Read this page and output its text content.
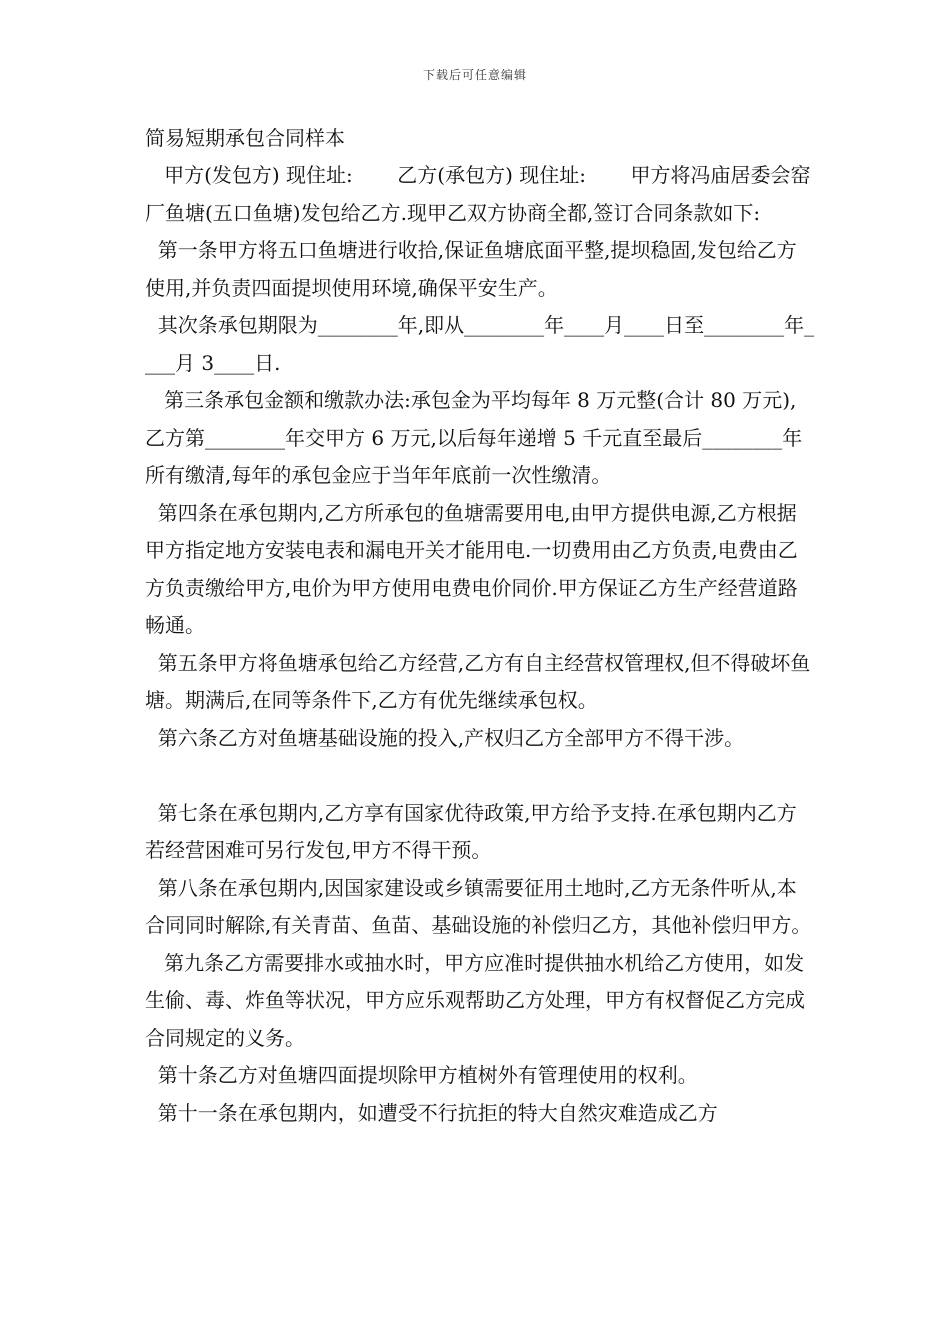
下载后可任意编辑
简易短期承包合同样本

甲方(发包方) 现住址:       乙方(承包方) 现住址:       甲方将冯庙居委会窑厂鱼塘(五口鱼塘)发包给乙方.现甲乙双方协商全都,签订合同条款如下:

第一条甲方将五口鱼塘进行收拾,保证鱼塘底面平整,提坝稳固,发包给乙方使用,并负责四面提坝使用环境,确保平安生产。

其次条承包期限为________年,即从________年____月____日至________年____月 3____日.

第三条承包金额和缴款办法:承包金为平均每年 8 万元整(合计 80 万元),乙方第________年交甲方 6 万元,以后每年递增 5 千元直至最后________年所有缴清,每年的承包金应于当年年底前一次性缴清。

第四条在承包期内,乙方所承包的鱼塘需要用电,由甲方提供电源,乙方根据甲方指定地方安装电表和漏电开关才能用电.一切费用由乙方负责,电费由乙方负责缴给甲方,电价为甲方使用电费电价同价.甲方保证乙方生产经营道路畅通。

第五条甲方将鱼塘承包给乙方经营,乙方有自主经营权管理权,但不得破坏鱼塘。期满后,在同等条件下,乙方有优先继续承包权。

第六条乙方对鱼塘基础设施的投入,产权归乙方全部甲方不得干涉。

第七条在承包期内,乙方享有国家优待政策,甲方给予支持.在承包期内乙方若经营困难可另行发包,甲方不得干预。

第八条在承包期内,因国家建设或乡镇需要征用土地时,乙方无条件听从,本合同同时解除,有关青苗、鱼苗、基础设施的补偿归乙方，其他补偿归甲方。

第九条乙方需要排水或抽水时，甲方应准时提供抽水机给乙方使用，如发生偷、毒、炸鱼等状况，甲方应乐观帮助乙方处理，甲方有权督促乙方完成合同规定的义务。

第十条乙方对鱼塘四面提坝除甲方植树外有管理使用的权利。

第十一条在承包期内，如遭受不行抗拒的特大自然灾难造成乙方
